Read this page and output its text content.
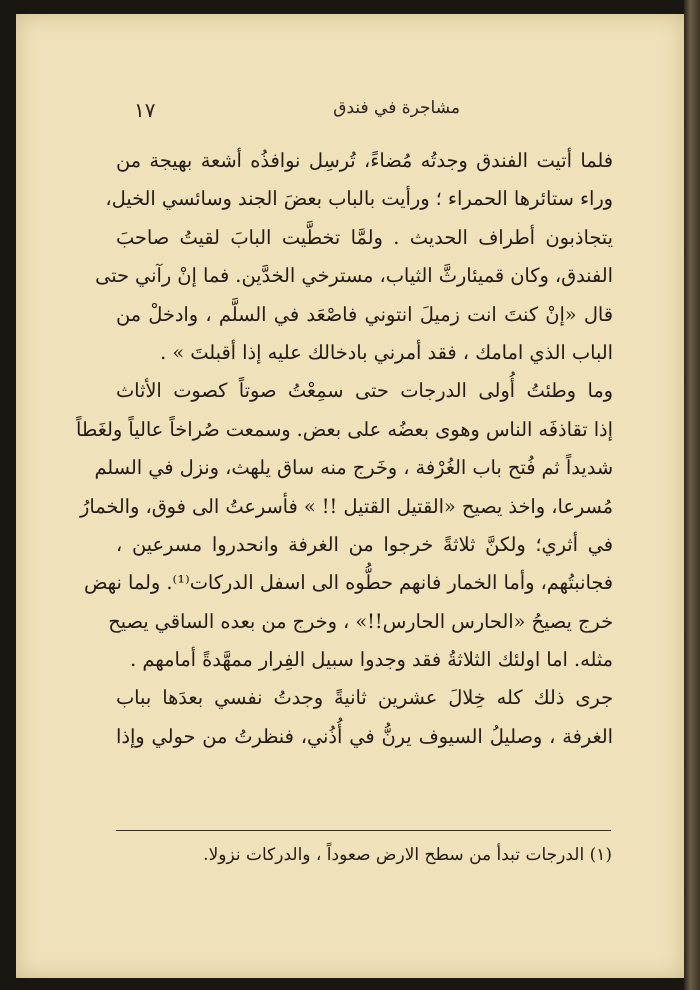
مشاجرة في فندق
١٧
فلما أتيت الفندق وجدتُه مُضاءً، تُرسِل نوافذُه أشعة بهيجة من
وراء ستائرها الحمراء ؛ ورأيت بالباب بعضَ الجند وسائسي الخيل،
يتجاذبون أطراف الحديث . ولمَّا تخطَّيت البابَ لقيتُ صاحبَ
الفندق، وكان قميئارثَّ الثياب، مسترخي الخدَّين. فما إنْ رآني حتى
قال «إنْ كنتَ انت زميلَ انتوني فاصْعَد في السلَّم ، وادخلْ من
الباب الذي امامك ، فقد أمرني بادخالك عليه إذا أقبلتَ » .
وما وطئتُ أُولى الدرجات حتى سمِعْتُ صوتاً كصوت الأثاث
إذا تقاذفَه الناس وهوى بعضُه على بعض. وسمعت صُراخاً عالياً ولغَطاً
شديداً ثم فُتح باب الغُرْفة ، وخَرج منه ساق يلهث، ونزل في السلم
مُسرعا، واخذ يصيح «القتيل القتيل !! » فأسرعتُ الى فوق، والخمارُ
في أثري؛ ولكنَّ ثلاثةً خرجوا من الغرفة وانحدروا مسرعين ،
فجانبتُهم، وأما الخمار فانهم حطُّوه الى اسفل الدركات⁽¹⁾. ولما نهض
خرج يصيحُ «الحارس الحارس!!» ، وخرج من بعده الساقي يصيح
مثله. اما اولئك الثلاثةُ فقد وجدوا سبيل الفِرار ممهَّدةً أمامهم .
جرى ذلك كله خِلالَ عشرين ثانيةً وجدتُ نفسي بعدَها بباب
الغرفة ، وصليلُ السيوف يرنُّ في أُذُني، فنظرتُ من حولي وإذا
(١) الدرجات تبدأ من سطح الارض صعوداً ، والدركات نزولا.
